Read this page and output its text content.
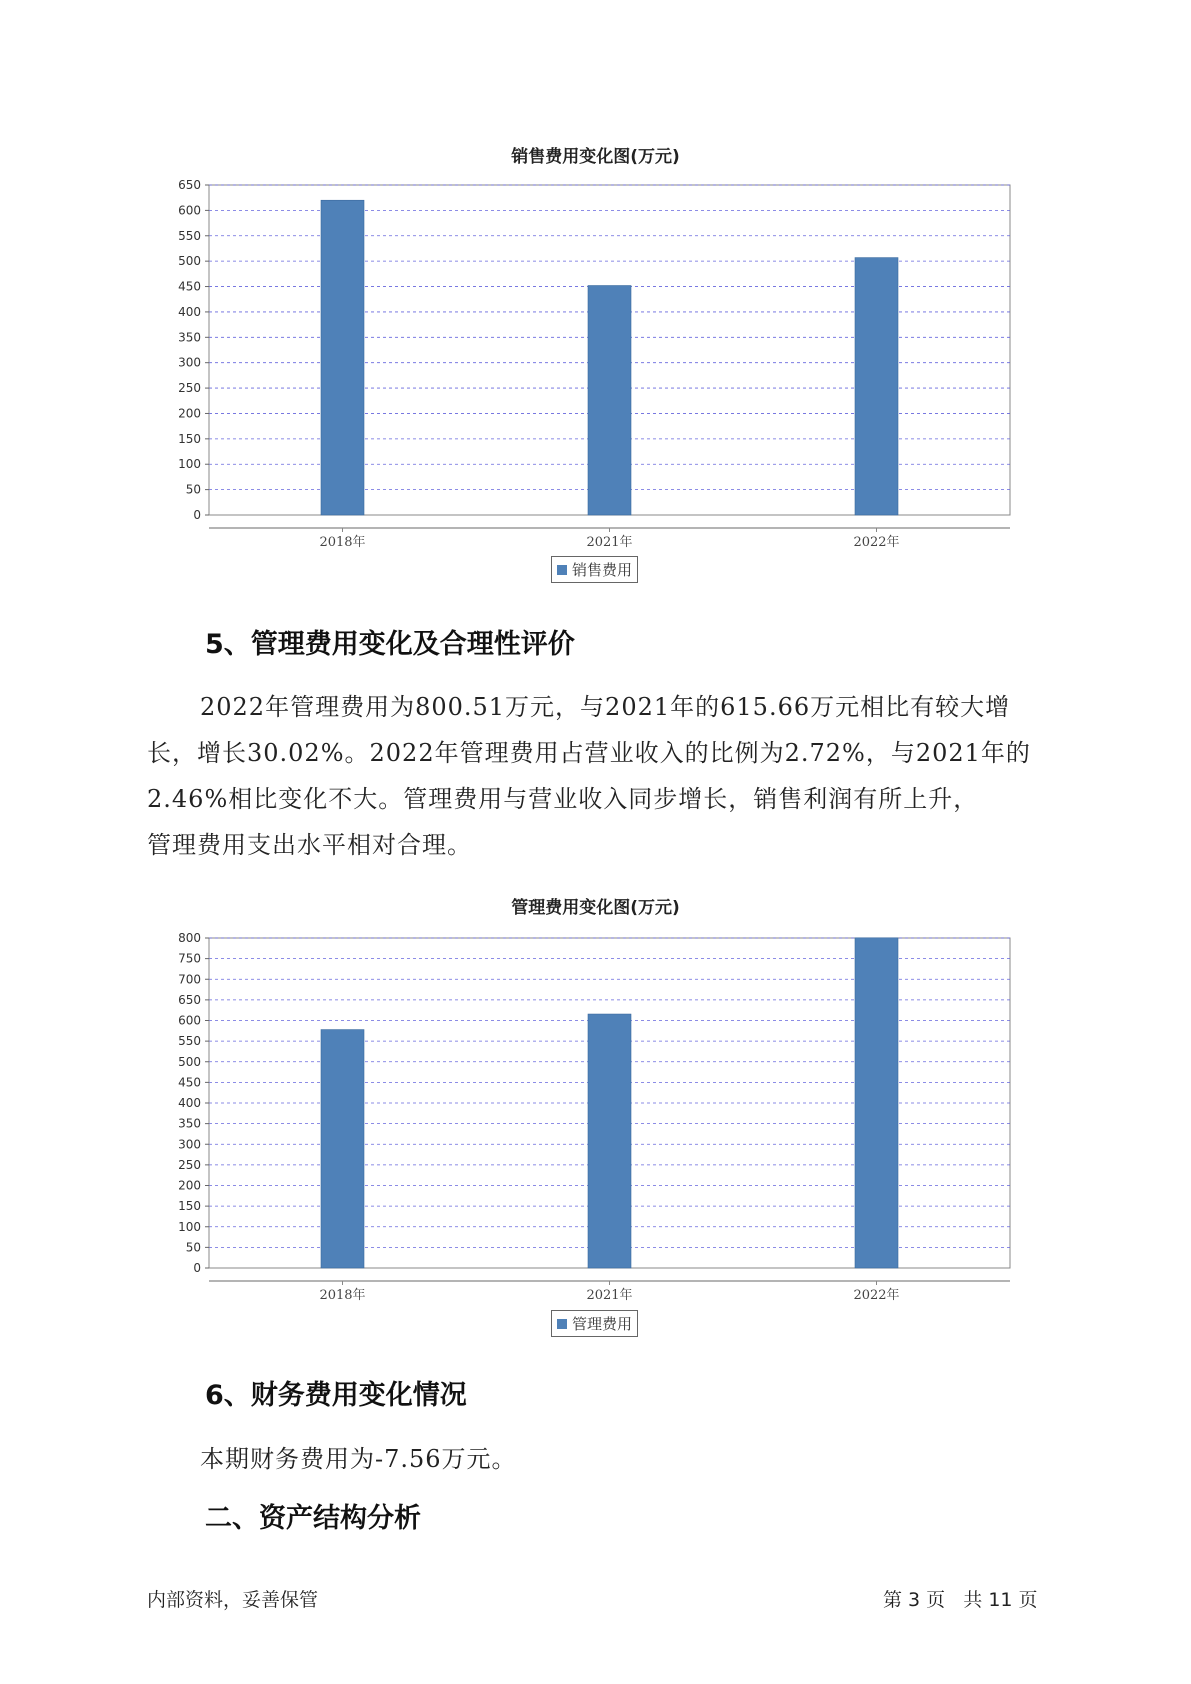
销售费用变化图(万元)
0
50
100
150
200
250
300
350
400
450
500
550
600
650
2018年	2021年	2022年
销售费用
5、管理费用变化及合理性评价
2022年管理费用为800.51万元，与2021年的615.66万元相比有较大增
长，增长30.02%。2022年管理费用占营业收入的比例为2.72%，与2021年的
2.46%相比变化不大。管理费用与营业收入同步增长，销售利润有所上升，
管理费用支出水平相对合理。
管理费用变化图(万元)
0
50
100
150
200
250
300
350
400
450
500
550
600
650
700
750
800
2018年	2021年	2022年
管理费用
6、财务费用变化情况
本期财务费用为-7.56万元。
二、资产结构分析
内部资料，妥善保管	第 3 页   共 11 页
